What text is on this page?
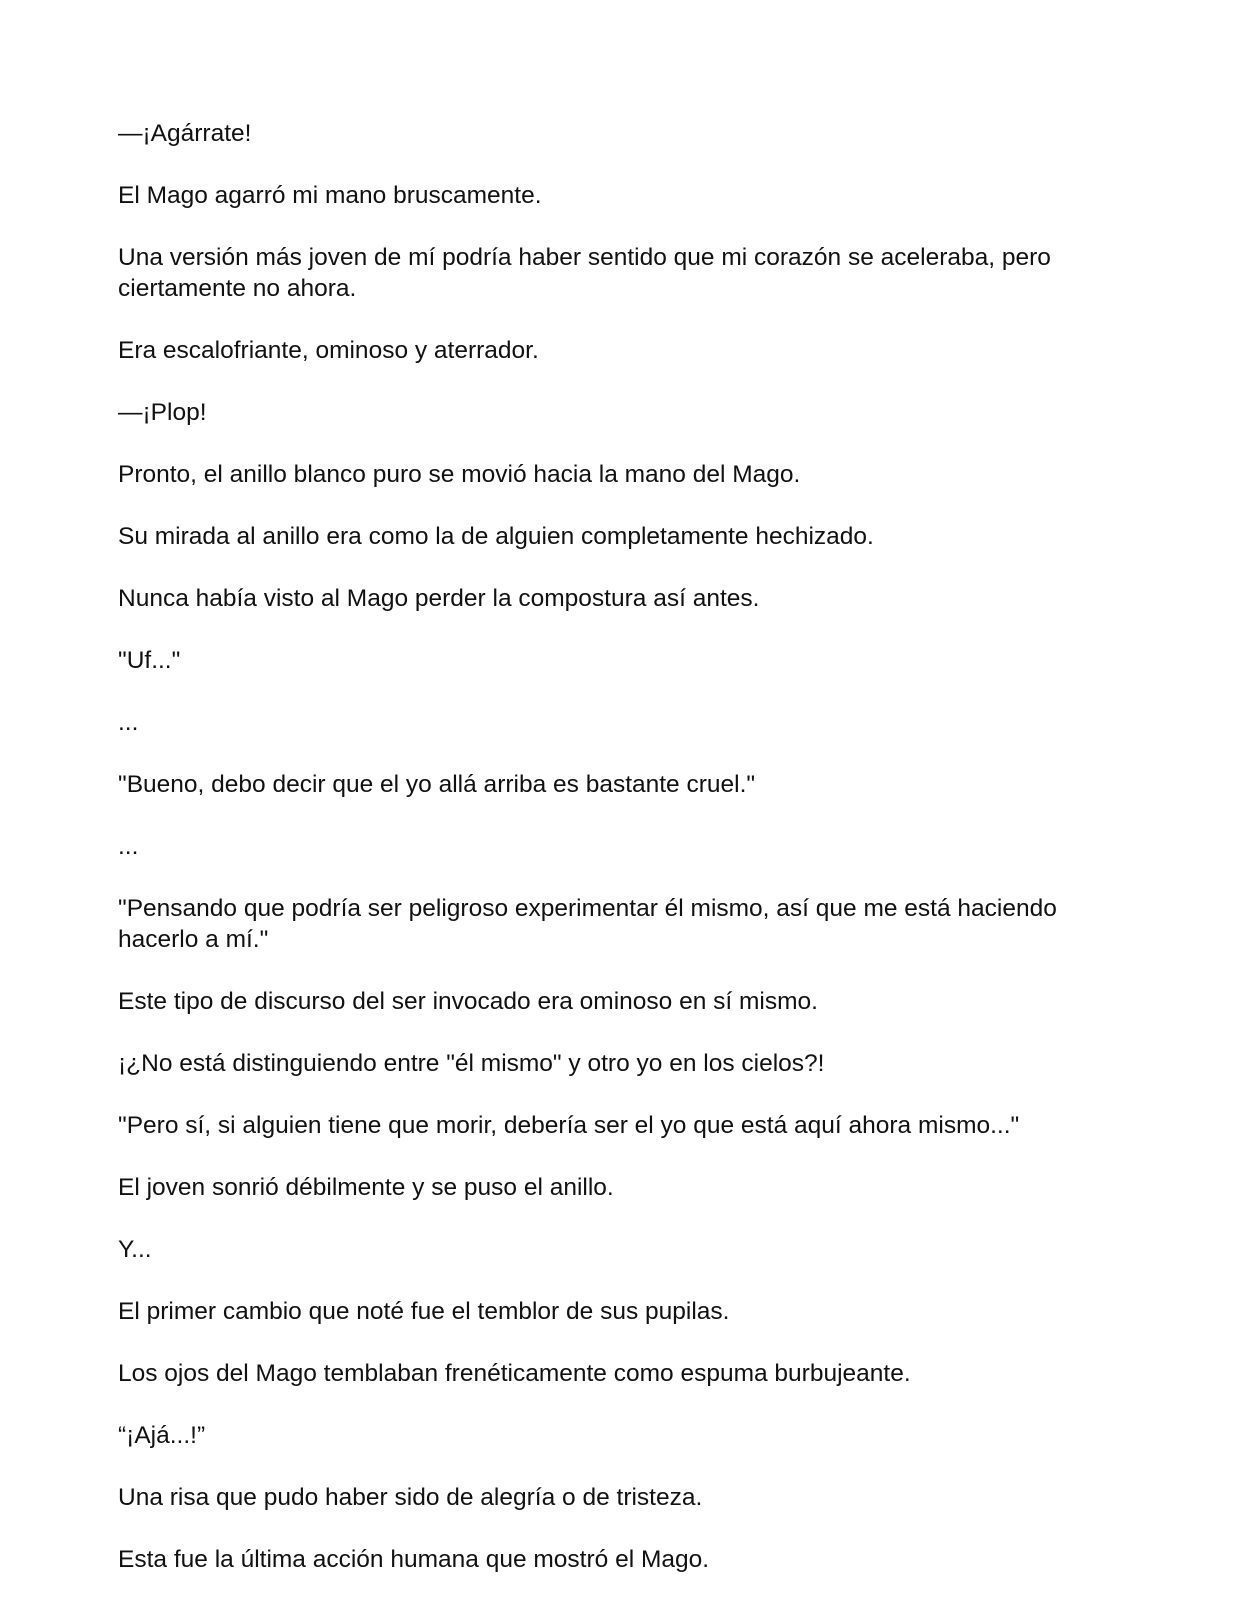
—¡Agárrate!

El Mago agarró mi mano bruscamente.

Una versión más joven de mí podría haber sentido que mi corazón se aceleraba, pero ciertamente no ahora.

Era escalofriante, ominoso y aterrador.

—¡Plop!

Pronto, el anillo blanco puro se movió hacia la mano del Mago.

Su mirada al anillo era como la de alguien completamente hechizado.

Nunca había visto al Mago perder la compostura así antes.

"Uf..."

...

"Bueno, debo decir que el yo allá arriba es bastante cruel."

...

"Pensando que podría ser peligroso experimentar él mismo, así que me está haciendo hacerlo a mí."

Este tipo de discurso del ser invocado era ominoso en sí mismo.

¡¿No está distinguiendo entre "él mismo" y otro yo en los cielos?!

"Pero sí, si alguien tiene que morir, debería ser el yo que está aquí ahora mismo..."

El joven sonrió débilmente y se puso el anillo.

Y...

El primer cambio que noté fue el temblor de sus pupilas.

Los ojos del Mago temblaban frenéticamente como espuma burbujeante.

“¡Ajá...!”

Una risa que pudo haber sido de alegría o de tristeza.

Esta fue la última acción humana que mostró el Mago.
